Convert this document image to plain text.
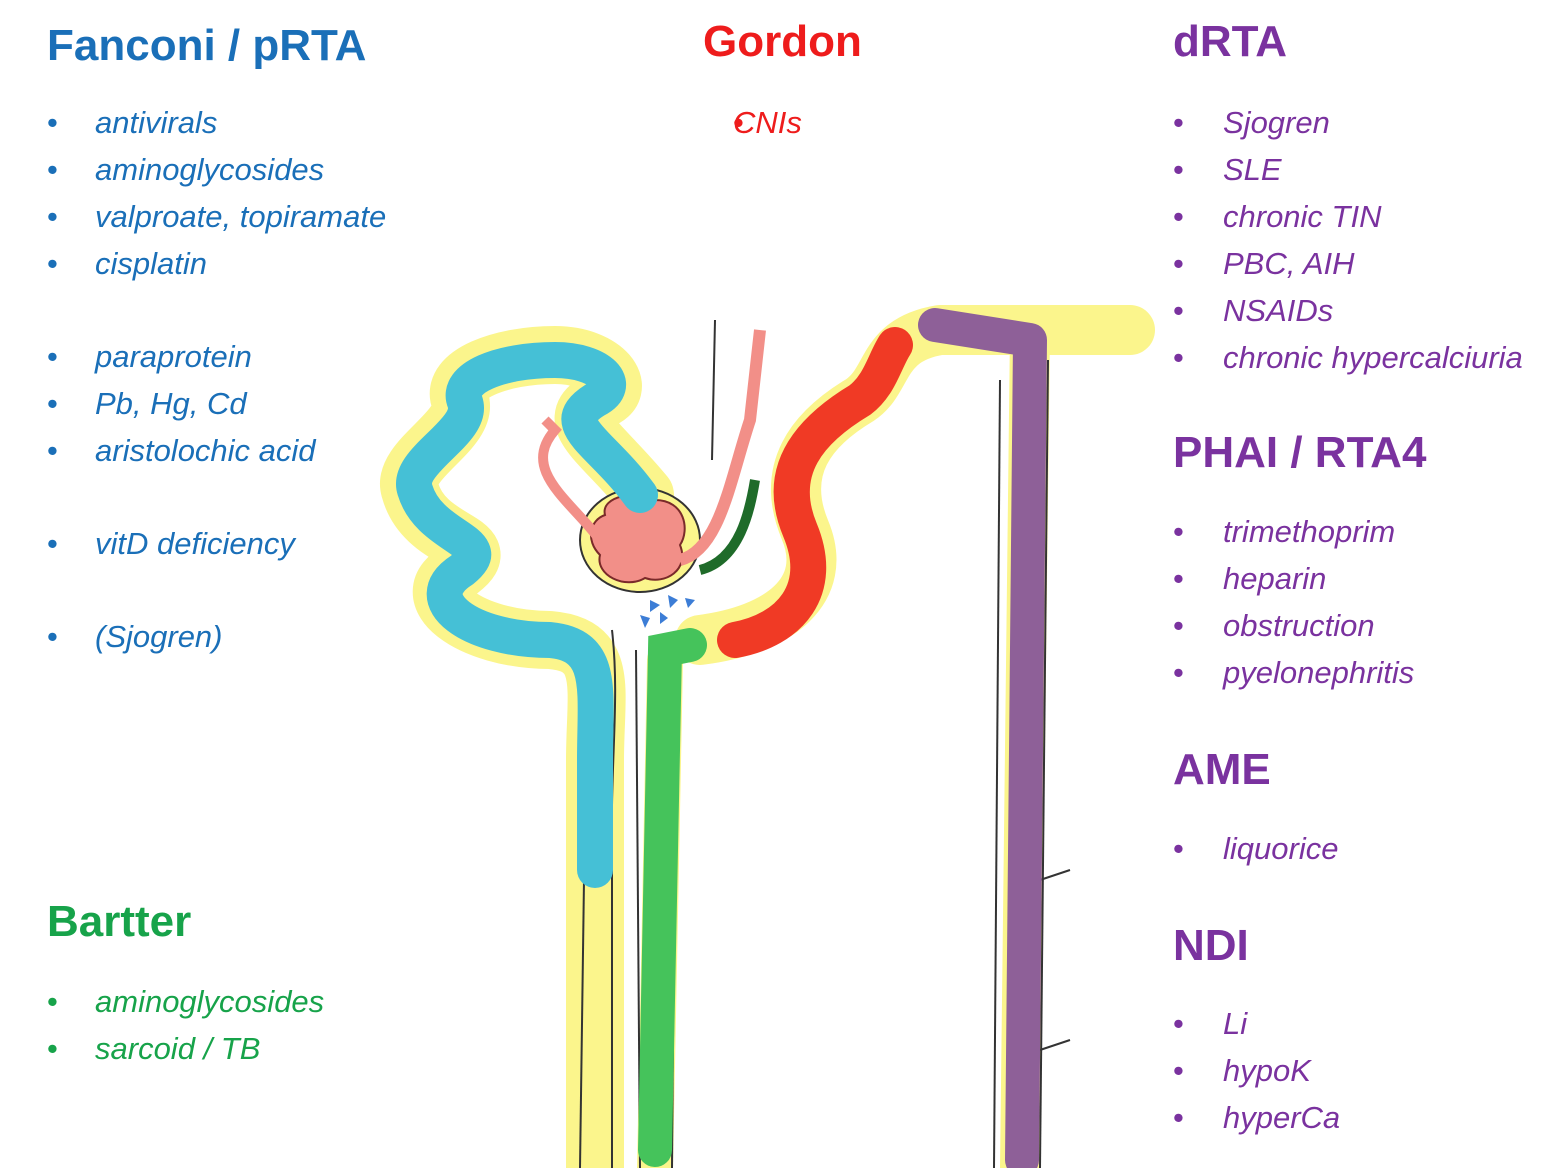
Fanconi / pRTA
• antivirals
• aminoglycosides
• valproate, topiramate
• cisplatin
• paraprotein
• Pb, Hg, Cd
• aristolochic acid
• vitD deficiency
• (Sjogren)
Gordon
• CNIs
dRTA
• Sjogren
• SLE
• chronic TIN
• PBC, AIH
• NSAIDs
• chronic hypercalciuria
PHAI / RTA4
• trimethoprim
• heparin
• obstruction
• pyelonephritis
AME
• liquorice
NDI
• Li
• hypoK
• hyperCa
Bartter
• aminoglycosides
• sarcoid / TB
